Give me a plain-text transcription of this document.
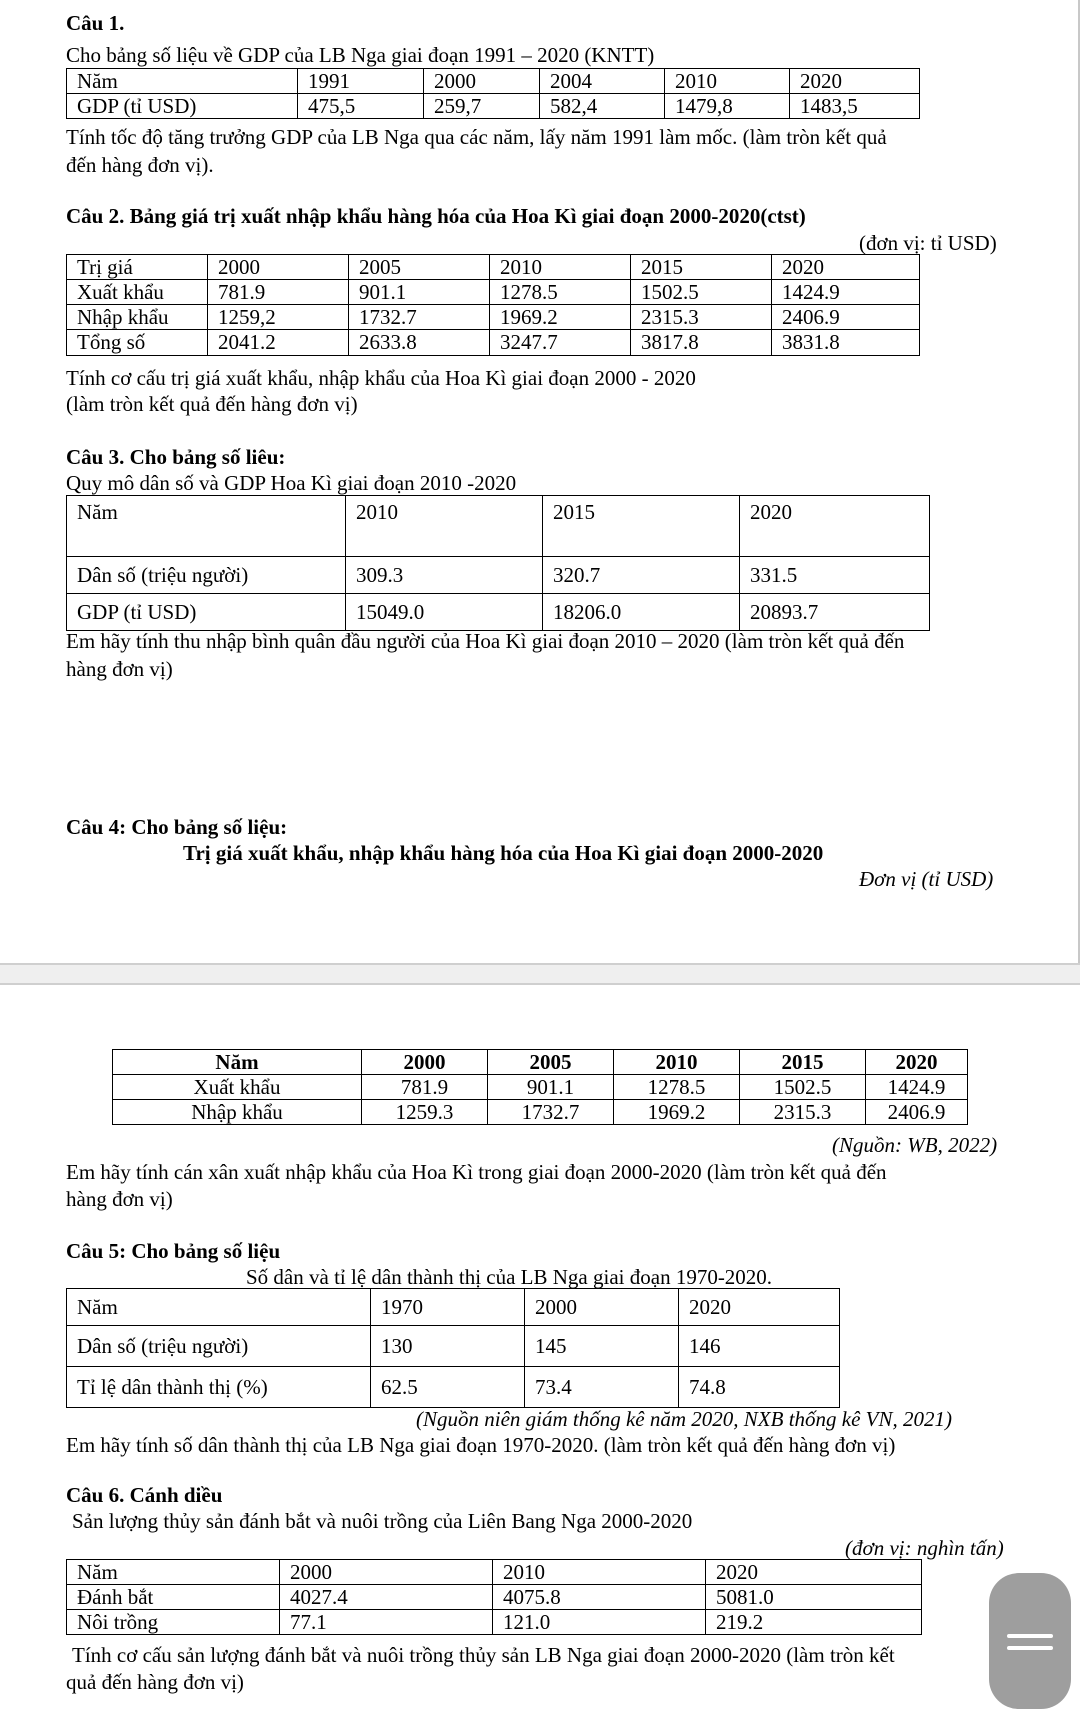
Câu 1.
Cho bảng số liệu về GDP của LB Nga giai đoạn 1991 – 2020 (KNTT)
Năm	1991	2000	2004	2010	2020
GDP (tỉ USD)	475,5	259,7	582,4	1479,8	1483,5
Tính tốc độ tăng trưởng GDP của LB Nga qua các năm, lấy năm 1991 làm mốc. (làm tròn kết quả
đến hàng đơn vị).
Câu 2. Bảng giá trị xuất nhập khẩu hàng hóa của Hoa Kì giai đoạn 2000-2020(ctst)
(đơn vị: tỉ USD)
Trị giá	2000	2005	2010	2015	2020
Xuất khẩu	781.9	901.1	1278.5	1502.5	1424.9
Nhập khẩu	1259,2	1732.7	1969.2	2315.3	2406.9
Tổng số	2041.2	2633.8	3247.7	3817.8	3831.8
Tính cơ cấu trị giá xuất khẩu, nhập khẩu của Hoa Kì giai đoạn 2000 - 2020
(làm tròn kết quả đến hàng đơn vị)
Câu 3. Cho bảng số liêu:
Quy mô dân số và GDP Hoa Kì giai đoạn 2010 -2020
Năm	2010	2015	2020
Dân số (triệu người)	309.3	320.7	331.5
GDP (tỉ USD)	15049.0	18206.0	20893.7
Em hãy tính thu nhập bình quân đầu người của Hoa Kì giai đoạn 2010 – 2020 (làm tròn kết quả đến
hàng đơn vị)
Câu 4: Cho bảng số liệu:
Trị giá xuất khẩu, nhập khẩu hàng hóa của Hoa Kì giai đoạn 2000-2020
Đơn vị (tỉ USD)
Năm	2000	2005	2010	2015	2020
Xuất khẩu	781.9	901.1	1278.5	1502.5	1424.9
Nhập khẩu	1259.3	1732.7	1969.2	2315.3	2406.9
(Nguồn: WB, 2022)
Em hãy tính cán xân xuất nhập khẩu của Hoa Kì trong giai đoạn 2000-2020 (làm tròn kết quả đến
hàng đơn vị)
Câu 5: Cho bảng số liệu
Số dân và tỉ lệ dân thành thị của LB Nga giai đoạn 1970-2020.
Năm	1970	2000	2020
Dân số (triệu người)	130	145	146
Tỉ lệ dân thành thị (%)	62.5	73.4	74.8
(Nguồn niên giám thống kê năm 2020, NXB thống kê VN, 2021)
Em hãy tính số dân thành thị của LB Nga giai đoạn 1970-2020. (làm tròn kết quả đến hàng đơn vị)
Câu 6. Cánh diều
Sản lượng thủy sản đánh bắt và nuôi trồng của Liên Bang Nga 2000-2020
(đơn vị: nghìn tấn)
Năm	2000	2010	2020
Đánh bắt	4027.4	4075.8	5081.0
Nôi trồng	77.1	121.0	219.2
Tính cơ cấu sản lượng đánh bắt và nuôi trồng thủy sản LB Nga giai đoạn 2000-2020 (làm tròn kết
quả đến hàng đơn vị)
